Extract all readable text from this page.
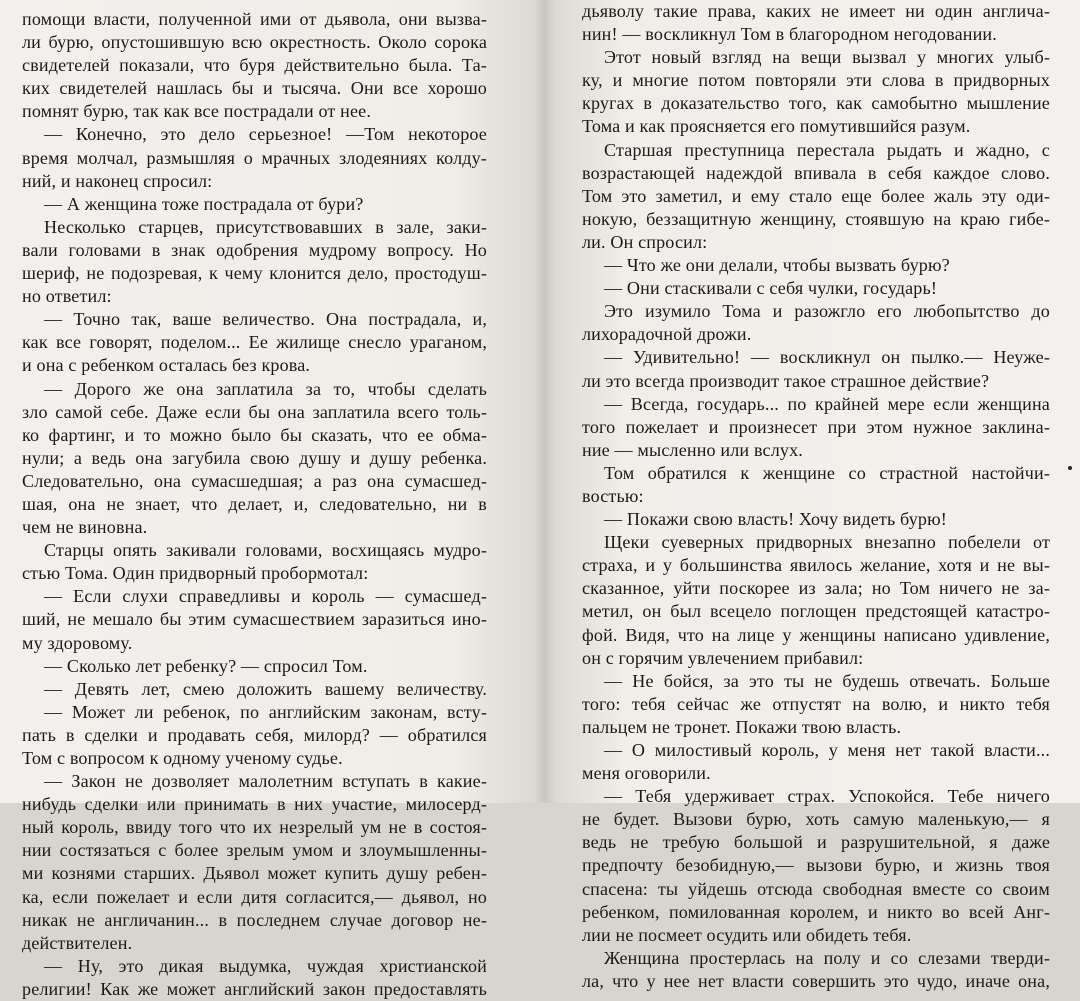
помощи власти, полученной ими от дьявола, они вызва-
ли бурю, опустошившую всю окрестность. Около сорока
свидетелей показали, что буря действительно была. Та-
ких свидетелей нашлась бы и тысяча. Они все хорошо
помнят бурю, так как все пострадали от нее.
— Конечно, это дело серьезное! —Том некоторое
время молчал, размышляя о мрачных злодеяниях колду-
ний, и наконец спросил:
— А женщина тоже пострадала от бури?
Несколько старцев, присутствовавших в зале, заки-
вали головами в знак одобрения мудрому вопросу. Но
шериф, не подозревая, к чему клонится дело, простодуш-
но ответил:
— Точно так, ваше величество. Она пострадала, и,
как все говорят, поделом... Ее жилище снесло ураганом,
и она с ребенком осталась без крова.
— Дорого же она заплатила за то, чтобы сделать
зло самой себе. Даже если бы она заплатила всего толь-
ко фартинг, и то можно было бы сказать, что ее обма-
нули; а ведь она загубила свою душу и душу ребенка.
Следовательно, она сумасшедшая; а раз она сумасшед-
шая, она не знает, что делает, и, следовательно, ни в
чем не виновна.
Старцы опять закивали головами, восхищаясь мудро-
стью Тома. Один придворный пробормотал:
— Если слухи справедливы и король — сумасшед-
ший, не мешало бы этим сумасшествием заразиться ино-
му здоровому.
— Сколько лет ребенку? — спросил Том.
— Девять лет, смею доложить вашему величеству.
— Может ли ребенок, по английским законам, всту-
пать в сделки и продавать себя, милорд? — обратился
Том с вопросом к одному ученому судье.
— Закон не дозволяет малолетним вступать в какие-
нибудь сделки или принимать в них участие, милосерд-
ный король, ввиду того что их незрелый ум не в состоя-
нии состязаться с более зрелым умом и злоумышленны-
ми кознями старших. Дьявол может купить душу ребен-
ка, если пожелает и если дитя согласится,— дьявол, но
никак не англичанин... в последнем случае договор не-
действителен.
— Ну, это дикая выдумка, чуждая христианской
религии! Как же может английский закон предоставлять
дьяволу такие права, каких не имеет ни один англича-
нин! — воскликнул Том в благородном негодовании.
Этот новый взгляд на вещи вызвал у многих улыб-
ку, и многие потом повторяли эти слова в придворных
кругах в доказательство того, как самобытно мышление
Тома и как проясняется его помутившийся разум.
Старшая преступница перестала рыдать и жадно, с
возрастающей надеждой впивала в себя каждое слово.
Том это заметил, и ему стало еще более жаль эту оди-
нокую, беззащитную женщину, стоявшую на краю гибе-
ли. Он спросил:
— Что же они делали, чтобы вызвать бурю?
— Они стаскивали с себя чулки, государь!
Это изумило Тома и разожгло его любопытство до
лихорадочной дрожи.
— Удивительно! — воскликнул он пылко.— Неуже-
ли это всегда производит такое страшное действие?
— Всегда, государь... по крайней мере если женщина
того пожелает и произнесет при этом нужное заклина-
ние — мысленно или вслух.
Том обратился к женщине со страстной настойчи-
востью:
— Покажи свою власть! Хочу видеть бурю!
Щеки суеверных придворных внезапно побелели от
страха, и у большинства явилось желание, хотя и не вы-
сказанное, уйти поскорее из зала; но Том ничего не за-
метил, он был всецело поглощен предстоящей катастро-
фой. Видя, что на лице у женщины написано удивление,
он с горячим увлечением прибавил:
— Не бойся, за это ты не будешь отвечать. Больше
того: тебя сейчас же отпустят на волю, и никто тебя
пальцем не тронет. Покажи твою власть.
— О милостивый король, у меня нет такой власти...
меня оговорили.
— Тебя удерживает страх. Успокойся. Тебе ничего
не будет. Вызови бурю, хоть самую маленькую,— я
ведь не требую большой и разрушительной, я даже
предпочту безобидную,— вызови бурю, и жизнь твоя
спасена: ты уйдешь отсюда свободная вместе со своим
ребенком, помилованная королем, и никто во всей Анг-
лии не посмеет осудить или обидеть тебя.
Женщина простерлась на полу и со слезами тверди-
ла, что у нее нет власти совершить это чудо, иначе она,
